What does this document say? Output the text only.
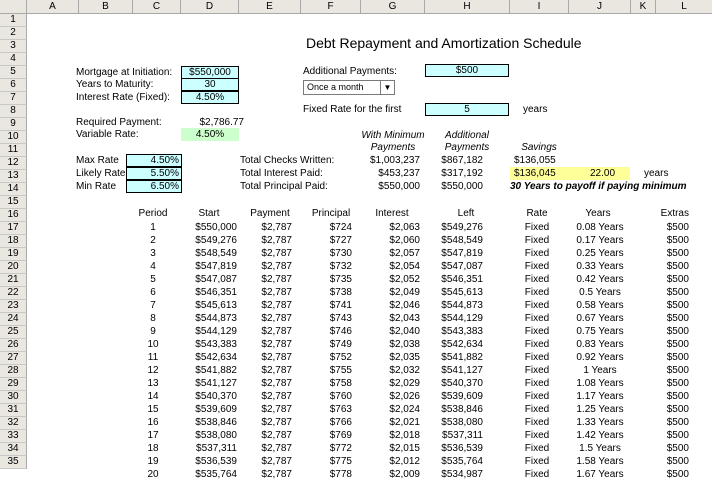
A	B	C	D	E	F	G	H	I	J	K	L
1
2
3
4
5
6
7
8
9
10
11
12
13
14
15
16
17
18
19
20
21
22
23
24
25
26
27
28
29
30
31
32
33
34
35
Debt Repayment and Amortization Schedule
Mortgage at Initiation:	$550,000
Years to Maturity:	30
Interest Rate (Fixed):	4.50%
Required Payment:	$2,786.77
Variable Rate:	4.50%
Max Rate	4.50%
Likely Rate	5.50%
Min Rate	6.50%
Additional Payments:	$500
Once a month	▼
Fixed Rate for the first	5	years
With Minimum
Payments
Additional
Payments	Savings
Total Checks Written:	$1,003,237	$867,182	$136,055
Total Interest Paid:	$453,237	$317,192	$136,045	22.00	years
Total Principal Paid:	$550,000	$550,000	30 Years to payoff if paying minimum
Period	Start	Payment	Principal	Interest	Left	Rate	Years	Extras
1	$550,000 $2,787	$724	$2,063 $549,276	Fixed	0.08 Years	$500
2	$549,276 $2,787	$727	$2,060 $548,549	Fixed	0.17 Years	$500
3	$548,549 $2,787	$730	$2,057 $547,819	Fixed	0.25 Years	$500
4	$547,819 $2,787	$732	$2,054 $547,087	Fixed	0.33 Years	$500
5	$547,087 $2,787	$735	$2,052 $546,351	Fixed	0.42 Years	$500
6	$546,351 $2,787	$738	$2,049 $545,613	Fixed	0.5 Years	$500
7	$545,613 $2,787	$741	$2,046 $544,873	Fixed	0.58 Years	$500
8	$544,873 $2,787	$743	$2,043 $544,129	Fixed	0.67 Years	$500
9	$544,129 $2,787	$746	$2,040 $543,383	Fixed	0.75 Years	$500
10	$543,383 $2,787	$749	$2,038 $542,634	Fixed	0.83 Years	$500
11	$542,634 $2,787	$752	$2,035 $541,882	Fixed	0.92 Years	$500
12	$541,882 $2,787	$755	$2,032 $541,127	Fixed	1 Years	$500
13	$541,127 $2,787	$758	$2,029 $540,370	Fixed	1.08 Years	$500
14	$540,370 $2,787	$760	$2,026 $539,609	Fixed	1.17 Years	$500
15	$539,609 $2,787	$763	$2,024 $538,846	Fixed	1.25 Years	$500
16	$538,846 $2,787	$766	$2,021 $538,080	Fixed	1.33 Years	$500
17	$538,080 $2,787	$769	$2,018 $537,311	Fixed	1.42 Years	$500
18	$537,311 $2,787	$772	$2,015 $536,539	Fixed	1.5 Years	$500
19	$536,539 $2,787	$775	$2,012 $535,764	Fixed	1.58 Years	$500
20	$535,764 $2,787	$778	$2,009 $534,987	Fixed	1.67 Years	$500
